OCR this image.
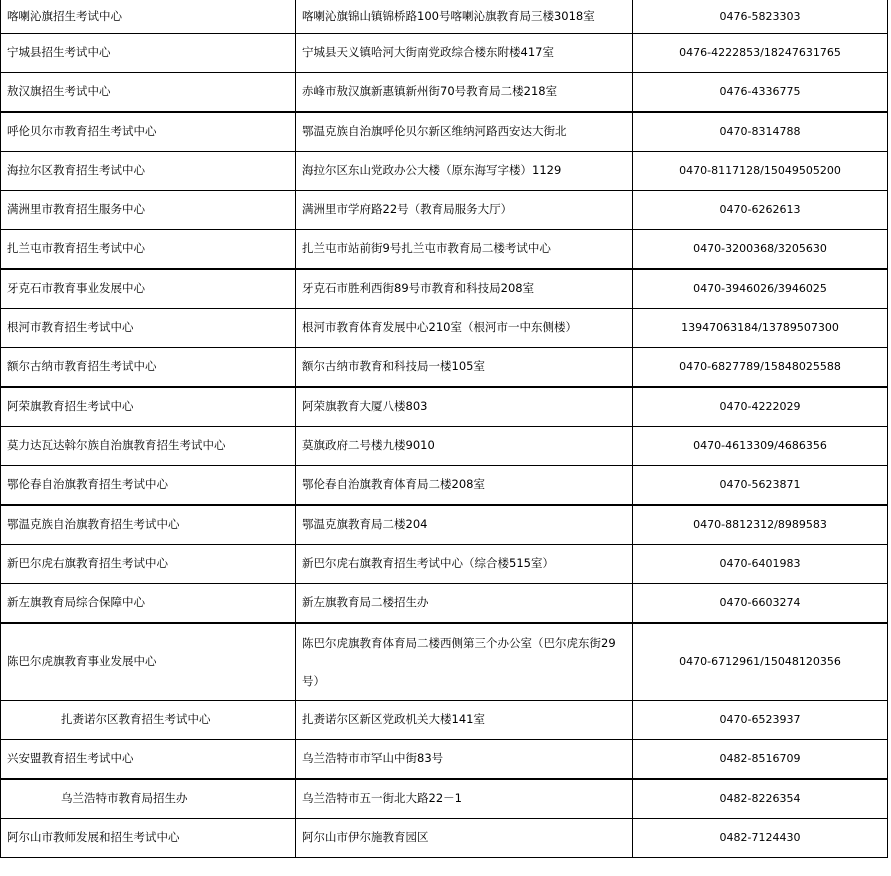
喀喇沁旗招生考试中心	喀喇沁旗锦山镇锦桥路100号喀喇沁旗教育局三楼3018室	0476-5823303
宁城县招生考试中心	宁城县天义镇哈河大街南党政综合楼东附楼417室	0476-4222853/18247631765
敖汉旗招生考试中心	赤峰市敖汉旗新惠镇新州街70号教育局二楼218室	0476-4336775
呼伦贝尔市教育招生考试中心	鄂温克族自治旗呼伦贝尔新区维纳河路西安达大街北	0470-8314788
海拉尔区教育招生考试中心	海拉尔区东山党政办公大楼（原东海写字楼）1129	0470-8117128/15049505200
满洲里市教育招生服务中心	满洲里市学府路22号（教育局服务大厅）	0470-6262613
扎兰屯市教育招生考试中心	扎兰屯市站前街9号扎兰屯市教育局二楼考试中心	0470-3200368/3205630
牙克石市教育事业发展中心	牙克石市胜利西街89号市教育和科技局208室	0470-3946026/3946025
根河市教育招生考试中心	根河市教育体育发展中心210室（根河市一中东侧楼）	13947063184/13789507300
额尔古纳市教育招生考试中心	额尔古纳市教育和科技局一楼105室	0470-6827789/15848025588
阿荣旗教育招生考试中心	阿荣旗教育大厦八楼803	0470-4222029
莫力达瓦达斡尔族自治旗教育招生考试中心	莫旗政府二号楼九楼9010	0470-4613309/4686356
鄂伦春自治旗教育招生考试中心	鄂伦春自治旗教育体育局二楼208室	0470-5623871
鄂温克族自治旗教育招生考试中心	鄂温克旗教育局二楼204	0470-8812312/8989583
新巴尔虎右旗教育招生考试中心	新巴尔虎右旗教育招生考试中心（综合楼515室）	0470-6401983
新左旗教育局综合保障中心	新左旗教育局二楼招生办	0470-6603274
陈巴尔虎旗教育事业发展中心	陈巴尔虎旗教育体育局二楼西侧第三个办公室（巴尔虎东街29号）	0470-6712961/15048120356
扎赉诺尔区教育招生考试中心	扎赉诺尔区新区党政机关大楼141室	0470-6523937
兴安盟教育招生考试中心	乌兰浩特市市罕山中街83号	0482-8516709
乌兰浩特市教育局招生办	乌兰浩特市五一街北大路22－1	0482-8226354
阿尔山市教师发展和招生考试中心	阿尔山市伊尔施教育园区	0482-7124430
